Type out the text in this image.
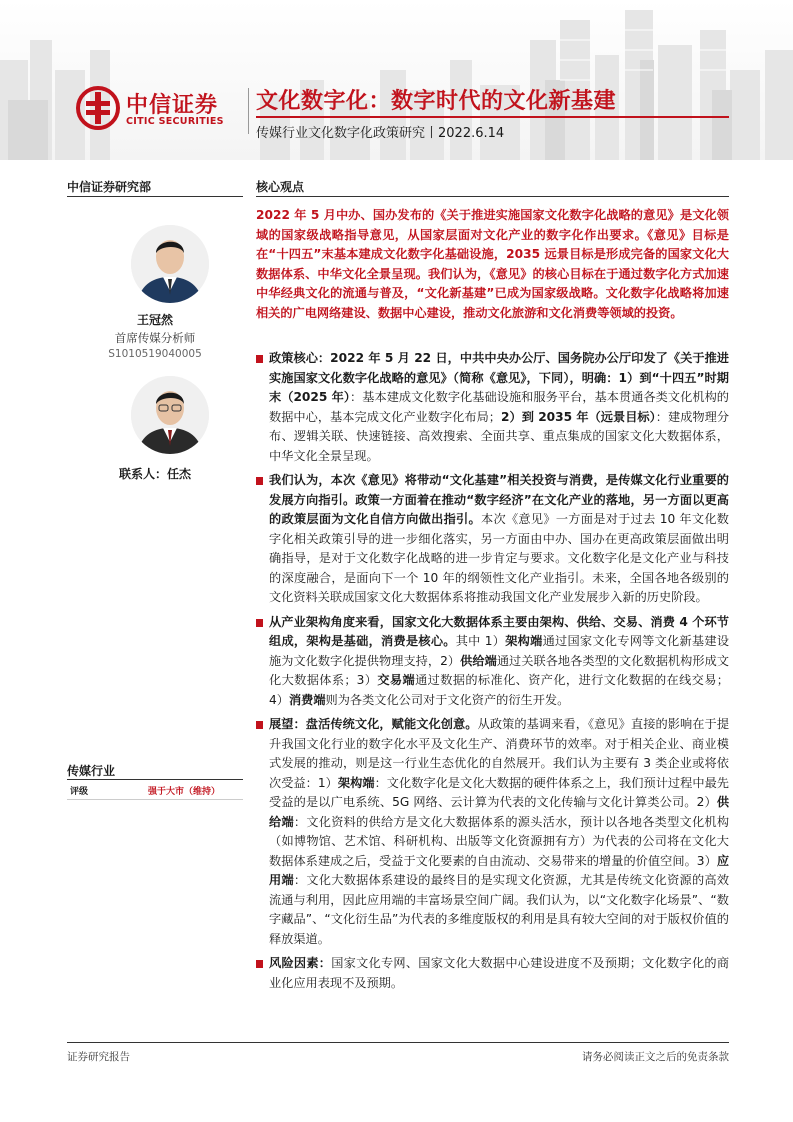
中信证券
CITIC SECURITIES
文化数字化：数字时代的文化新基建
传媒行业文化数字化政策研究丨2022.6.14
中信证券研究部
王冠然
首席传媒分析师
S1010519040005
联系人：任杰
传媒行业
评级	强于大市（维持）
核心观点
2022 年 5 月中办、国办发布的《关于推进实施国家文化数字化战略的意见》是文化领域的国家级战略指导意见，从国家层面对文化产业的数字化作出要求。《意见》目标是在“十四五”末基本建成文化数字化基础设施，2035 远景目标是形成完备的国家文化大数据体系、中华文化全景呈现。我们认为，《意见》的核心目标在于通过数字化方式加速中华经典文化的流通与普及，“文化新基建”已成为国家级战略。文化数字化战略将加速相关的广电网络建设、数据中心建设，推动文化旅游和文化消费等领域的投资。
政策核心：2022 年 5 月 22 日，中共中央办公厅、国务院办公厅印发了《关于推进实施国家文化数字化战略的意见》（简称《意见》，下同），明确：1）到“十四五”时期末（2025 年）：基本建成文化数字化基础设施和服务平台，基本贯通各类文化机构的数据中心，基本完成文化产业数字化布局；2）到 2035 年（远景目标）：建成物理分布、逻辑关联、快速链接、高效搜索、全面共享、重点集成的国家文化大数据体系，中华文化全景呈现。
我们认为，本次《意见》将带动“文化基建”相关投资与消费，是传媒文化行业重要的发展方向指引。政策一方面着在推动“数字经济”在文化产业的落地，另一方面以更高的政策层面为文化自信方向做出指引。本次《意见》一方面是对于过去 10 年文化数字化相关政策引导的进一步细化落实，另一方面由中办、国办在更高政策层面做出明确指导，是对于文化数字化战略的进一步肯定与要求。文化数字化是文化产业与科技的深度融合，是面向下一个 10 年的纲领性文化产业指引。未来，全国各地各级别的文化资料关联成国家文化大数据体系将推动我国文化产业发展步入新的历史阶段。
从产业架构角度来看，国家文化大数据体系主要由架构、供给、交易、消费 4 个环节组成，架构是基础，消费是核心。其中 1）架构端通过国家文化专网等文化新基建设施为文化数字化提供物理支持，2）供给端通过关联各地各类型的文化数据机构形成文化大数据体系；3）交易端通过数据的标准化、资产化，进行文化数据的在线交易；4）消费端则为各类文化公司对于文化资产的衍生开发。
展望：盘活传统文化，赋能文化创意。从政策的基调来看，《意见》直接的影响在于提升我国文化行业的数字化水平及文化生产、消费环节的效率。对于相关企业、商业模式发展的推动，则是这一行业生态优化的自然展开。我们认为主要有 3 类企业或将依次受益：1）架构端：文化数字化是文化大数据的硬件体系之上，我们预计过程中最先受益的是以广电系统、5G 网络、云计算为代表的文化传输与文化计算类公司。2）供给端：文化资料的供给方是文化大数据体系的源头活水，预计以各地各类型文化机构（如博物馆、艺术馆、科研机构、出版等文化资源拥有方）为代表的公司将在文化大数据体系建成之后，受益于文化要素的自由流动、交易带来的增量的价值空间。3）应用端：文化大数据体系建设的最终目的是实现文化资源，尤其是传统文化资源的高效流通与利用，因此应用端的丰富场景空间广阔。我们认为，以“文化数字化场景”、“数字藏品”、“文化衍生品”为代表的多维度版权的利用是具有较大空间的对于版权价值的释放渠道。
风险因素：国家文化专网、国家文化大数据中心建设进度不及预期；文化数字化的商业化应用表现不及预期。
证券研究报告	请务必阅读正文之后的免责条款
